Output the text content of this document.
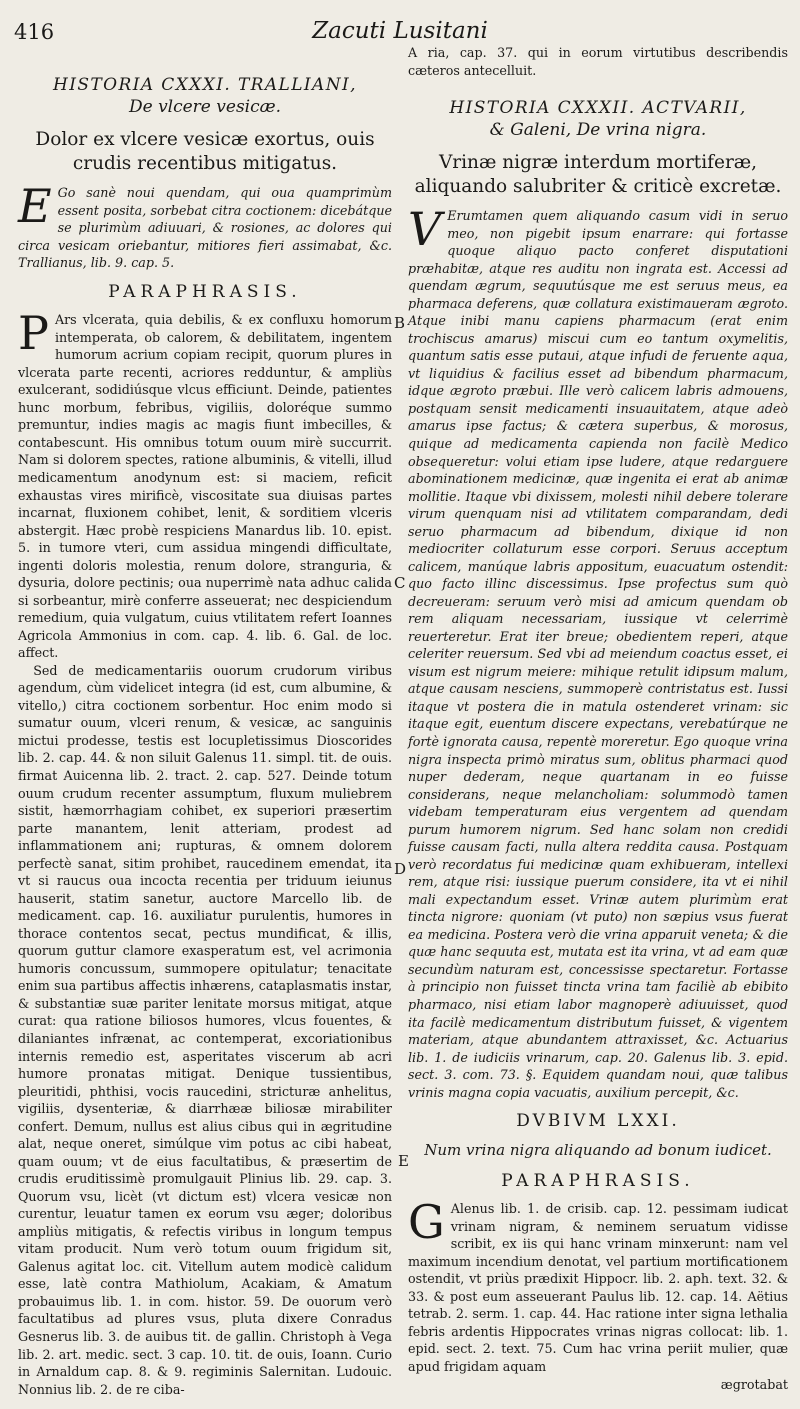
416	Zacuti Lusitani

HISTORIA CXXXI. TRALLIANI,

De vlcere vesicæ.

Dolor ex vlcere vesicæ exortus, ouis crudis recentibus mitigatus.

E Go sanè noui quendam, qui oua quamprimùm essent posita, sorbebat citra coctionem: dicebátque se plurimùm adiuuari, & rosiones, ac dolores qui circa vesicam oriebantur, mitiores fieri assimabat, &c. Trallianus, lib. 9. cap. 5.

PARAPHRASIS.

P Ars vlcerata, quia debilis, & ex confluxu homorum intemperata, ob calorem, & debilitatem, ingentem humorum acrium copiam recipit, quorum plures in vlcerata parte recenti, acriores redduntur, & ampliùs exulcerant, sodidiúsque vlcus efficiunt. Deinde, patientes hunc morbum, febribus, vigiliis, doloréque summo premuntur, indies magis ac magis fiunt imbecilles, & contabescunt. His omnibus totum ouum mirè succurrit. Nam si dolorem spectes, ratione albuminis, & vitelli, illud medicamentum anodynum est: si maciem, reficit exhaustas vires mirificè, viscositate sua diuisas partes incarnat, fluxionem cohibet, lenit, & sorditiem vlceris abstergit. Hæc probè respiciens Manardus lib. 10. epist. 5. in tumore vteri, cum assidua mingendi difficultate, ingenti doloris molestia, renum dolore, stranguria, & dysuria, dolore pectinis; oua nuperrimè nata adhuc calida si sorbeantur, mirè conferre asseuerat; nec despiciendum remedium, quia vulgatum, cuius vtilitatem refert Ioannes Agricola Ammonius in com. cap. 4. lib. 6. Gal. de loc. affect.

Sed de medicamentariis ouorum crudorum viribus agendum, cùm videlicet integra (id est, cum albumine, & vitello,) citra coctionem sorbentur. Hoc enim modo si sumatur ouum, vlceri renum, & vesicæ, ac sanguinis mictui prodesse, testis est locupletissimus Dioscorides lib. 2. cap. 44. & non siluit Galenus 11. simpl. tit. de ouis. firmat Auicenna lib. 2. tract. 2. cap. 527. Deinde totum ouum crudum recenter assumptum, fluxum muliebrem sistit, hæmorrhagiam cohibet, ex superiori præsertim parte manantem, lenit atteriam, prodest ad inflammationem ani; rupturas, & omnem dolorem perfectè sanat, sitim prohibet, raucedinem emendat, ita vt si raucus oua incocta recentia per triduum ieiunus hauserit, statim sanetur, auctore Marcello lib. de medicament. cap. 16. auxiliatur purulentis, humores in thorace contentos secat, pectus mundificat, & illis, quorum guttur clamore exasperatum est, vel acrimonia humoris concussum, summopere opitulatur; tenacitate enim sua partibus affectis inhærens, cataplasmatis instar, & substantiæ suæ pariter lenitate morsus mitigat, atque curat: qua ratione biliosos humores, vlcus fouentes, & dilaniantes infrænat, ac contemperat, excoriationibus internis remedio est, asperitates viscerum ab acri humore pronatas mitigat. Denique tussientibus, pleuritidi, phthisi, vocis raucedini, stricturæ anhelitus, vigiliis, dysenteriæ, & diarrhææ biliosæ mirabiliter confert. Demum, nullus est alius cibus qui in ægritudine alat, neque oneret, simúlque vim potus ac cibi habeat, quam ouum; vt de eius facultatibus, & præsertim de crudis eruditissimè promulgauit Plinius lib. 29. cap. 3. Quorum vsu, licèt (vt dictum est) vlcera vesicæ non curentur, leuatur tamen ex eorum vsu æger; doloribus ampliùs mitigatis, & refectis viribus in longum tempus vitam producit. Num verò totum ouum frigidum sit, Galenus agitat loc. cit. Vitellum autem modicè calidum esse, latè contra Mathiolum, Acakiam, & Amatum probauimus lib. 1. in com. histor. 59. De ouorum verò facultatibus ad plures vsus, pluta dixere Conradus Gesnerus lib. 3. de auibus tit. de gallin. Christoph à Vega lib. 2. art. medic. sect. 3 cap. 10. tit. de ouis, Ioann. Curio in Arnaldum cap. 8. & 9. regiminis Salernitan. Ludouic. Nonnius lib. 2. de re ciba-

A ria, cap. 37. qui in eorum virtutibus describendis cæteros antecelluit.

HISTORIA CXXXII. ACTVARII,

& Galeni, De vrina nigra.

Vrinæ nigræ interdum mortiferæ, aliquando salubriter & criticè excretæ.

V Erumtamen quem aliquando casum vidi in seruo meo, non pigebit ipsum enarrare: qui fortasse quoque aliquo pacto conferet disputationi præhabitæ, atque res auditu non ingrata est. Accessi ad quendam ægrum, sequutúsque me est seruus meus, ea pharmaca deferens, quæ collatura existimaueram ægroto. Atque inibi manu capiens pharmacum (erat enim trochiscus amarus) miscui cum eo tantum oxymelitis, quantum satis esse putaui, atque infudi de feruente aqua, vt liquidius & facilius esset ad bibendum pharmacum, idque ægroto præbui. Ille verò calicem labris admouens, postquam sensit medicamenti insuauitatem, atque adeò amarus ipse factus; & cætera superbus, & morosus, quique ad medicamenta capienda non facilè Medico obsequeretur: volui etiam ipse ludere, atque redarguere abominationem medicinæ, quæ ingenita ei erat ab animæ mollitie. Itaque vbi dixissem, molesti nihil debere tolerare virum quenquam nisi ad vtilitatem comparandam, dedi seruo pharmacum ad bibendum, dixique id non mediocriter collaturum esse corpori. Seruus acceptum calicem, manúque labris appositum, euacuatum ostendit: quo facto illinc discessimus. Ipse profectus sum quò decreueram: seruum verò misi ad amicum quendam ob rem aliquam necessariam, iussique vt celerrimè reuerteretur. Erat iter breue; obedientem reperi, atque celeriter reuersum. Sed vbi ad meiendum coactus esset, ei visum est nigrum meiere: mihique retulit idipsum malum, atque causam nesciens, summoperè contristatus est. Iussi itaque vt postera die in matula ostenderet vrinam: sic itaque egit, euentum discere expectans, verebatúrque ne fortè ignorata causa, repentè moreretur. Ego quoque vrina nigra inspecta primò miratus sum, oblitus pharmaci quod nuper dederam, neque quartanam in eo fuisse considerans, neque melancholiam: solummodò tamen videbam temperaturam eius vergentem ad quendam purum humorem nigrum. Sed hanc solam non credidi fuisse causam facti, nulla altera reddita causa. Postquam verò recordatus fui medicinæ quam exhibueram, intellexi rem, atque risi: iussique puerum considere, ita vt ei nihil mali expectandum esset. Vrinæ autem plurimùm erat tincta nigrore: quoniam (vt puto) non sæpius vsus fuerat ea medicina. Postera verò die vrina apparuit veneta; & die quæ hanc sequuta est, mutata est ita vrina, vt ad eam quæ secundùm naturam est, concessisse spectaretur. Fortasse à principio non fuisset tincta vrina tam faciliè ab ebibito pharmaco, nisi etiam labor magnoperè adiuuisset, quod ita facilè medicamentum distributum fuisset, & vigentem materiam, atque abundantem attraxisset, &c. Actuarius lib. 1. de iudiciis vrinarum, cap. 20. Galenus lib. 3. epid. sect. 3. com. 73. §. Equidem quandam noui, quæ talibus vrinis magna copia vacuatis, auxilium percepit, &c.

DVBIVM LXXI.

Num vrina nigra aliquando ad bonum iudicet.

PARAPHRASIS.

G Alenus lib. 1. de crisib. cap. 12. pessimam iudicat vrinam nigram, & neminem seruatum vidisse scribit, ex iis qui hanc vrinam minxerunt: nam vel maximum incendium denotat, vel partium mortificationem ostendit, vt priùs prædixit Hippocr. lib. 2. aph. text. 32. & 33. & post eum asseuerant Paulus lib. 12. cap. 14. Aëtius tetrab. 2. serm. 1. cap. 44. Hac ratione inter signa lethalia febris ardentis Hippocrates vrinas nigras collocat: lib. 1. epid. sect. 2. text. 75. Cum hac vrina periit mulier, quæ apud frigidam aquam

ægrotabat

B
C
D
E
